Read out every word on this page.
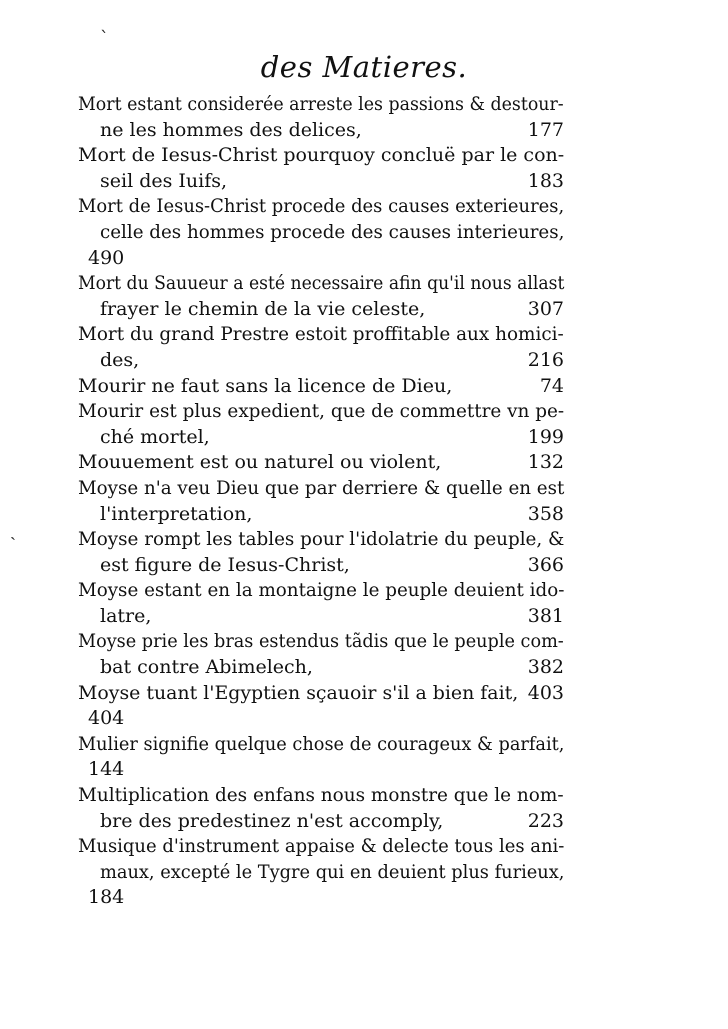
des Matieres.
Mort estant considerée arreste les passions & destour-
ne les hommes des delices,	177
Mort de Iesus-Christ pourquoy concluë par le con-
seil des Iuifs,	183
Mort de Iesus-Christ procede des causes exterieures,
celle des hommes procede des causes interieures,
490
Mort du Sauueur a esté necessaire afin qu'il nous allast
frayer le chemin de la vie celeste,	307
Mort du grand Prestre estoit proffitable aux homici-
des,	216
Mourir ne faut sans la licence de Dieu,	74
Mourir est plus expedient, que de commettre vn pe-
ché mortel,	199
Mouuement est ou naturel ou violent,	132
Moyse n'a veu Dieu que par derriere & quelle en est
l'interpretation,	358
Moyse rompt les tables pour l'idolatrie du peuple, &
est figure de Iesus-Christ,	366
Moyse estant en la montaigne le peuple deuient ido-
latre,	381
Moyse prie les bras estendus tãdis que le peuple com-
bat contre Abimelech,	382
Moyse tuant l'Egyptien sçauoir s'il a bien fait, 403
404
Mulier signifie quelque chose de courageux & parfait,
144
Multiplication des enfans nous monstre que le nom-
bre des predestinez n'est accomply,	223
Musique d'instrument appaise & delecte tous les ani-
maux, excepté le Tygre qui en deuient plus furieux,
184
ˋ
ˏ
